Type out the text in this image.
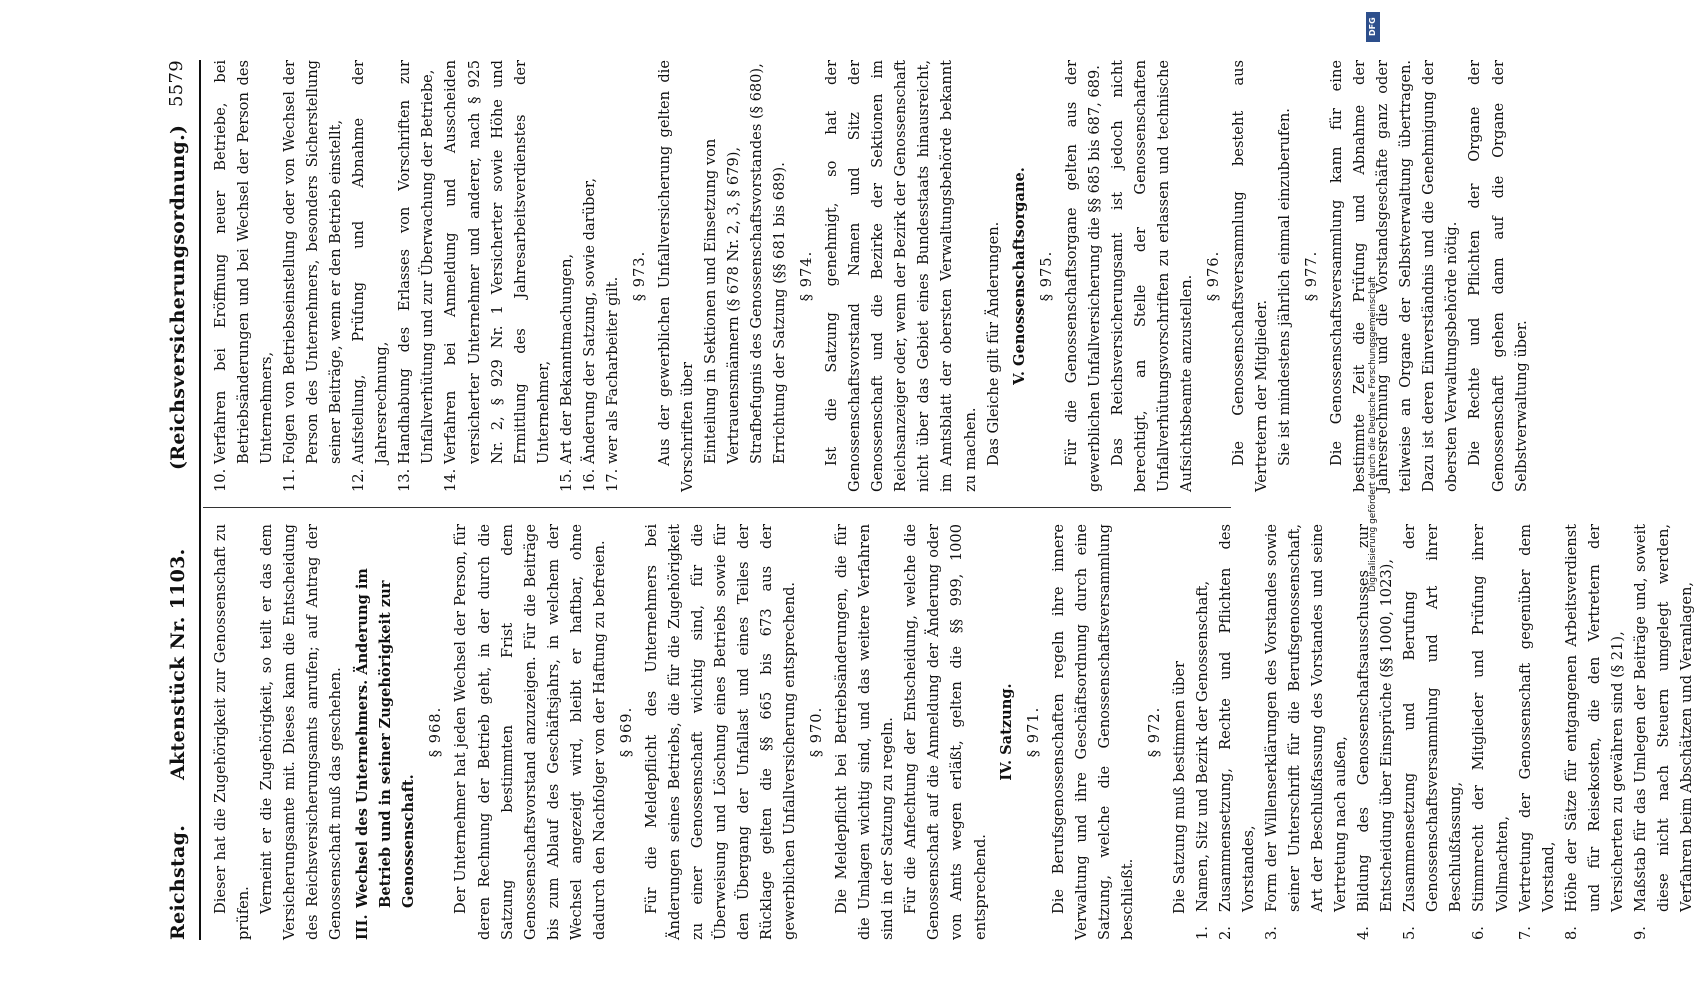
Reichstag.
Aktenstück Nr. 1103.
(Reichsversicherungsordnung.)
5579

Dieser hat die Zugehörigkeit zur Genossenschaft zu prüfen. Verneint er die Zugehörigkeit, so teilt er das dem Versicherungsamte mit. Dieses kann die Entscheidung des Reichsversicherungsamts anrufen; auf Antrag der Genossenschaft muß das geschehen. III.
Wechsel des Unternehmers. Änderung im Betrieb und in seiner Zugehörigkeit zur Genossenschaft.

§ 968. Der Unternehmer hat jeden Wechsel der Person, für deren Rechnung der Betrieb geht, in der durch die Satzung bestimmten Frist dem Genossenschaftsvorstand anzuzeigen. Für die Beiträge bis zum Ablauf des Geschäftsjahrs, in welchem der Wechsel angezeigt wird, bleibt er haftbar, ohne dadurch den Nachfolger von der Haftung zu befreien. § 969. Für die Meldepflicht des Unternehmers bei Änderungen seines Betriebs, die für die Zugehörigkeit zu einer Genossenschaft wichtig sind, für die Überweisung und Löschung eines Betriebs sowie für den Übergang der Unfallast und eines Teiles der Rücklage gelten die §§ 665 bis 673 aus der gewerblichen Unfallversicherung entsprechend. § 970. Die Meldepflicht bei Betriebsänderungen, die für die Umlagen wichtig sind, und das weitere Verfahren sind in der Satzung zu regeln. Für die Anfechtung der Entscheidung, welche die Genossenschaft auf die Anmeldung der Änderung oder von Amts wegen erläßt, gelten die §§ 999, 1000 entsprechend.

IV. Satzung. § 971. Die Berufsgenossenschaften regeln ihre innere Verwaltung und ihre Geschäftsordnung durch eine Satzung, welche die Genossenschaftsversammlung beschließt.

§ 972. Die Satzung muß bestimmen über

1.
Namen, Sitz und Bezirk der Genossenschaft,
2.
Zusammensetzung, Rechte und Pflichten des Vorstandes,
3.
Form der Willenserklärungen des Vorstandes sowie seiner Unterschrift für die Berufsgenossenschaft, Art der Beschlußfassung des Vorstandes und seine Vertretung nach außen,
4.
Bildung des Genossenschaftsausschusses zur Entscheidung über Einsprüche (§§ 1000, 1023),
5.
Zusammensetzung und Berufung der Genossenschaftsversammlung und Art ihrer Beschlußfassung,
6.
Stimmrecht der Mitglieder und Prüfung ihrer Vollmachten,
7.
Vertretung der Genossenschaft gegenüber dem Vorstand,
8.
Höhe der Sätze für entgangenen Arbeitsverdienst und für Reisekosten, die den Vertretern der Versicherten zu gewähren sind (§ 21),
9.
Maßstab für das Umlegen der Beiträge und, soweit diese nicht nach Steuern umgelegt werden, Verfahren beim Abschätzen und Veranlagen,
10.
Verfahren bei Eröffnung neuer Betriebe, bei Betriebsänderungen und bei Wechsel der Person des Unternehmers,
11.
Folgen von Betriebseinstellung oder von Wechsel der Person des Unternehmers, besonders Sicherstellung seiner Beiträge, wenn er den Betrieb einstellt,
12.
Aufstellung, Prüfung und Abnahme der Jahresrechnung,
13.
Handhabung des Erlasses von Vorschriften zur Unfallverhütung und zur Überwachung der Betriebe,
14.
Verfahren bei Anmeldung und Ausscheiden versicherter Unternehmer und anderer, nach § 925 Nr. 2, § 929 Nr. 1 Versicherter sowie Höhe und Ermittlung des Jahresarbeitsverdienstes der Unternehmer,
15.
Art der Bekanntmachungen,
16.
Änderung der Satzung, sowie darüber,
17.
wer als Facharbeiter gilt.

§ 973. Aus der gewerblichen Unfallversicherung gelten die Vorschriften über Einteilung in Sektionen und Einsetzung von Vertrauensmännern (§ 678 Nr. 2, 3, § 679), Strafbefugnis des Genossenschaftsvorstandes (§ 680), Errichtung der Satzung (§§ 681 bis 689). § 974. Ist die Satzung genehmigt, so hat der Genossenschaftsvorstand Namen und Sitz der Genossenschaft und die Bezirke der Sektionen im Reichsanzeiger oder, wenn der Bezirk der Genossenschaft nicht über das Gebiet eines Bundesstaats hinausreicht, im Amtsblatt der obersten Verwaltungsbehörde bekannt zu machen. Das Gleiche gilt für Änderungen. V. Genossenschaftsorgane. § 975. Für die Genossenschaftsorgane gelten aus der gewerblichen Unfallversicherung die §§ 685 bis 687, 689. Das Reichsversicherungsamt ist jedoch nicht berechtigt, an Stelle der Genossenschaften Unfallverhütungsvorschriften zu erlassen und technische Aufsichtsbeamte anzustellen. § 976. Die Genossenschaftsversammlung besteht aus Vertretern der Mitglieder. Sie ist mindestens jährlich einmal einzuberufen. § 977. Die Genossenschaftsversammlung kann für eine bestimmte Zeit die Prüfung und Abnahme der Jahresrechnung und die Vorstandsgeschäfte ganz oder teilweise an Organe der Selbstverwaltung übertragen. Dazu ist deren Einverständnis und die Genehmigung der obersten Verwaltungsbehörde nötig. Die Rechte und Pflichten der Organe der Genossenschaft gehen dann auf die Organe der Selbstverwaltung über.

DFG
Digitalisierung gefördert durch die Deutsche Forschungsgemeinschaft
